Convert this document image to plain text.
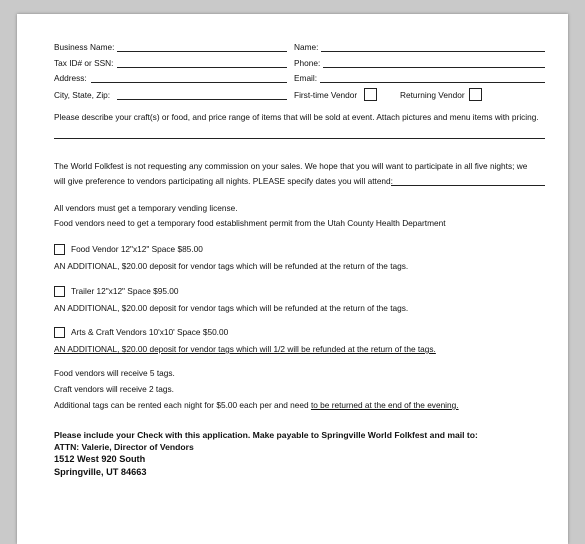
Business Name:	Name:
Tax ID# or SSN:	Phone:
Address:	Email:
City, State, Zip:	First-time Vendor	Returning Vendor
Please describe your craft(s) or food, and price range of items that will be sold at event. Attach pictures and menu items with pricing.
The World Folkfest is not requesting any commission on your sales. We hope that you will want to participate in all five nights; we
will give preference to vendors participating all nights. PLEASE specify dates you will attend:
All vendors must get a temporary vending license.
Food vendors need to get a temporary food establishment permit from the Utah County Health Department
Food Vendor 12"x12" Space $85.00
AN ADDITIONAL, $20.00 deposit for vendor tags which will be refunded at the return of the tags.
Trailer 12"x12" Space $95.00
AN ADDITIONAL, $20.00 deposit for vendor tags which will be refunded at the return of the tags.
Arts & Craft Vendors 10'x10' Space $50.00
AN ADDITIONAL, $20.00 deposit for vendor tags which will 1/2 will be refunded at the return of the tags.
Food vendors will receive 5 tags.
Craft vendors will receive 2 tags.
Additional tags can be rented each night for $5.00 each per and need to be returned at the end of the evening.
Please include your Check with this application. Make payable to Springville World Folkfest and mail to:
ATTN: Valerie, Director of Vendors
1512 West 920 South
Springville, UT 84663
